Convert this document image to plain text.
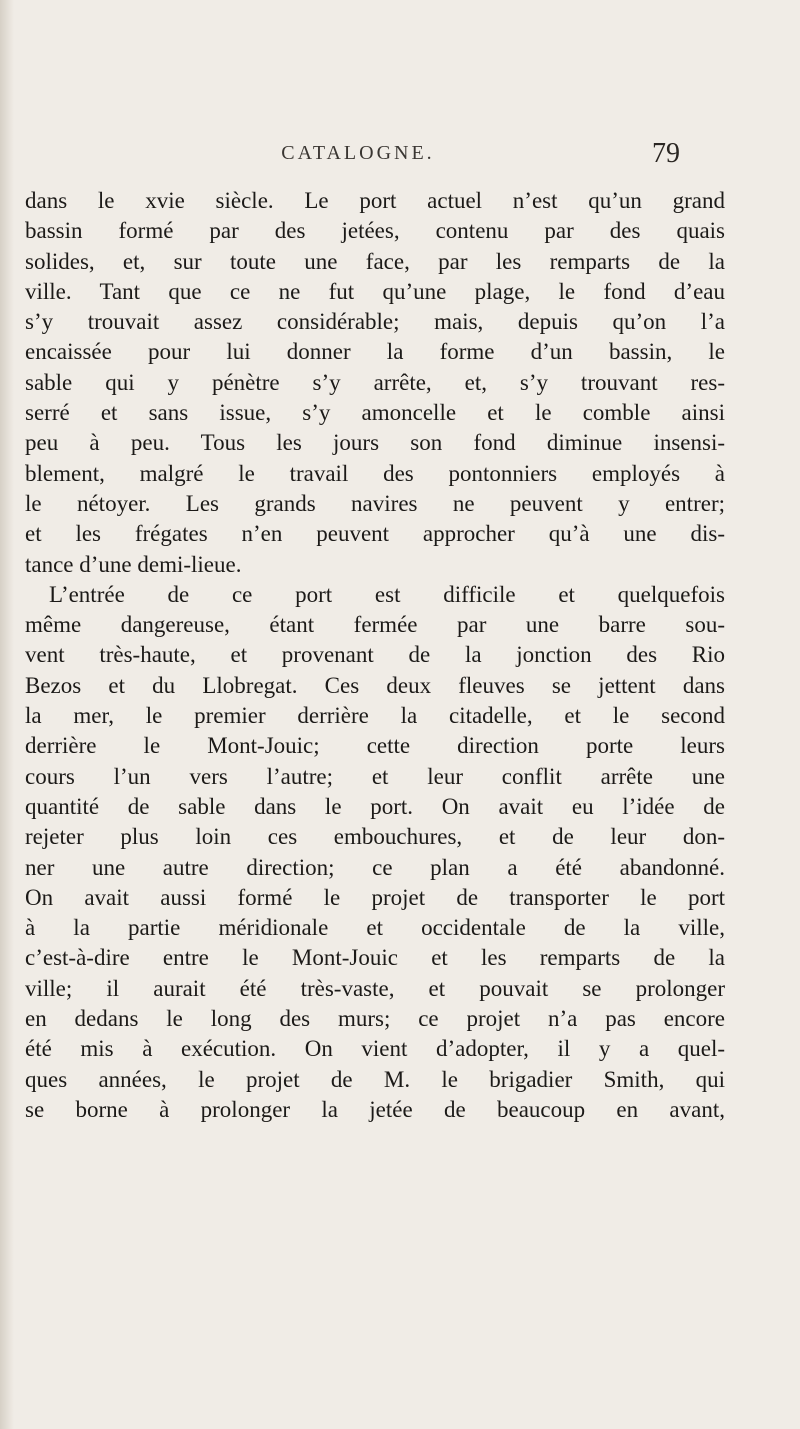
CATALOGNE.	79
dans le xvie siècle. Le port actuel n’est qu’un grand
bassin formé par des jetées, contenu par des quais
solides, et, sur toute une face, par les remparts de la
ville. Tant que ce ne fut qu’une plage, le fond d’eau
s’y trouvait assez considérable; mais, depuis qu’on l’a
encaissée pour lui donner la forme d’un bassin, le
sable qui y pénètre s’y arrête, et, s’y trouvant res-
serré et sans issue, s’y amoncelle et le comble ainsi
peu à peu. Tous les jours son fond diminue insensi-
blement, malgré le travail des pontonniers employés à
le nétoyer. Les grands navires ne peuvent y entrer;
et les frégates n’en peuvent approcher qu’à une dis-
tance d’une demi-lieue.
L’entrée de ce port est difficile et quelquefois
même dangereuse, étant fermée par une barre sou-
vent très-haute, et provenant de la jonction des Rio
Bezos et du Llobregat. Ces deux fleuves se jettent dans
la mer, le premier derrière la citadelle, et le second
derrière le Mont-Jouic; cette direction porte leurs
cours l’un vers l’autre; et leur conflit arrête une
quantité de sable dans le port. On avait eu l’idée de
rejeter plus loin ces embouchures, et de leur don-
ner une autre direction; ce plan a été abandonné.
On avait aussi formé le projet de transporter le port
à la partie méridionale et occidentale de la ville,
c’est-à-dire entre le Mont-Jouic et les remparts de la
ville; il aurait été très-vaste, et pouvait se prolonger
en dedans le long des murs; ce projet n’a pas encore
été mis à exécution. On vient d’adopter, il y a quel-
ques années, le projet de M. le brigadier Smith, qui
se borne à prolonger la jetée de beaucoup en avant,
